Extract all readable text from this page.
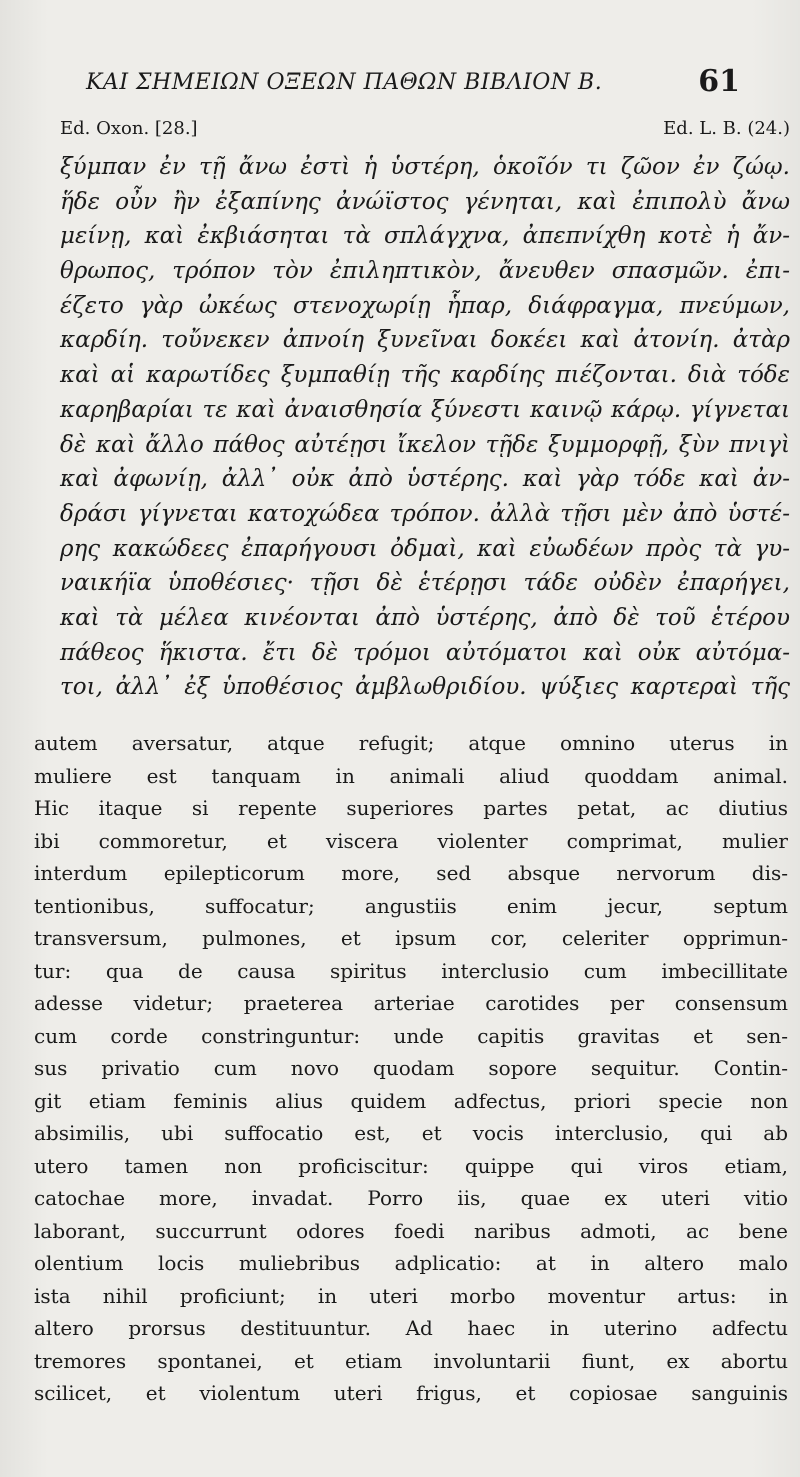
ΚΑΙ ΣΗΜΕΙΩΝ ΟΞΕΩΝ ΠΑΘΩΝ ΒΙΒΛΙΟΝ Β.	61
Ed. Oxon. [28.]	Ed. L. B. (24.)
ξύμπαν ἐν τῇ ἄνω ἐστὶ ἡ ὑστέρη, ὁκοῖόν τι ζῶον ἐν ζώῳ.
ἥδε οὖν ἢν ἐξαπίνης ἀνώϊστος γένηται, καὶ ἐπιπολὺ ἄνω
μείνῃ, καὶ ἐκβιάσηται τὰ σπλάγχνα, ἀπεπνίχθη κοτὲ ἡ ἄν-
θρωπος, τρόπον τὸν ἐπιληπτικὸν, ἄνευθεν σπασμῶν. ἐπι-
έζετο γὰρ ὠκέως στενοχωρίῃ ἧπαρ, διάφραγμα, πνεύμων,
καρδίη. τοὔνεκεν ἀπνοίη ξυνεῖναι δοκέει καὶ ἀτονίη. ἀτὰρ
καὶ αἱ καρωτίδες ξυμπαθίῃ τῆς καρδίης πιέζονται. διὰ τόδε
καρηβαρίαι τε καὶ ἀναισθησία ξύνεστι καινῷ κάρῳ. γίγνεται
δὲ καὶ ἄλλο πάθος αὐτέῃσι ἴκελον τῇδε ξυμμορφῇ, ξὺν πνιγὶ
καὶ ἀφωνίῃ, ἀλλ᾽ οὐκ ἀπὸ ὑστέρης. καὶ γὰρ τόδε καὶ ἀν-
δράσι γίγνεται κατοχώδεα τρόπον. ἀλλὰ τῇσι μὲν ἀπὸ ὑστέ-
ρης κακώδεες ἐπαρήγουσι ὀδμαὶ, καὶ εὐωδέων πρὸς τὰ γυ-
ναικήϊα ὑποθέσιες· τῇσι δὲ ἑτέρῃσι τάδε οὐδὲν ἐπαρήγει,
καὶ τὰ μέλεα κινέονται ἀπὸ ὑστέρης, ἀπὸ δὲ τοῦ ἑτέρου
πάθεος ἥκιστα. ἔτι δὲ τρόμοι αὐτόματοι καὶ οὐκ αὐτόμα-
τοι, ἀλλ᾽ ἐξ ὑποθέσιος ἀμβλωθριδίου. ψύξιες καρτεραὶ τῆς
autem aversatur, atque refugit; atque omnino uterus in
muliere est tanquam in animali aliud quoddam animal.
Hic itaque si repente superiores partes petat, ac diutius
ibi commoretur, et viscera violenter comprimat, mulier
interdum epilepticorum more, sed absque nervorum dis-
tentionibus, suffocatur; angustiis enim jecur, septum
transversum, pulmones, et ipsum cor, celeriter opprimun-
tur: qua de causa spiritus interclusio cum imbecillitate
adesse videtur; praeterea arteriae carotides per consensum
cum corde constringuntur: unde capitis gravitas et sen-
sus privatio cum novo quodam sopore sequitur. Contin-
git etiam feminis alius quidem adfectus, priori specie non
absimilis, ubi suffocatio est, et vocis interclusio, qui ab
utero tamen non proficiscitur: quippe qui viros etiam,
catochae more, invadat. Porro iis, quae ex uteri vitio
laborant, succurrunt odores foedi naribus admoti, ac bene
olentium locis muliebribus adplicatio: at in altero malo
ista nihil proficiunt; in uteri morbo moventur artus: in
altero prorsus destituuntur. Ad haec in uterino adfectu
tremores spontanei, et etiam involuntarii fiunt, ex abortu
scilicet, et violentum uteri frigus, et copiosae sanguinis
